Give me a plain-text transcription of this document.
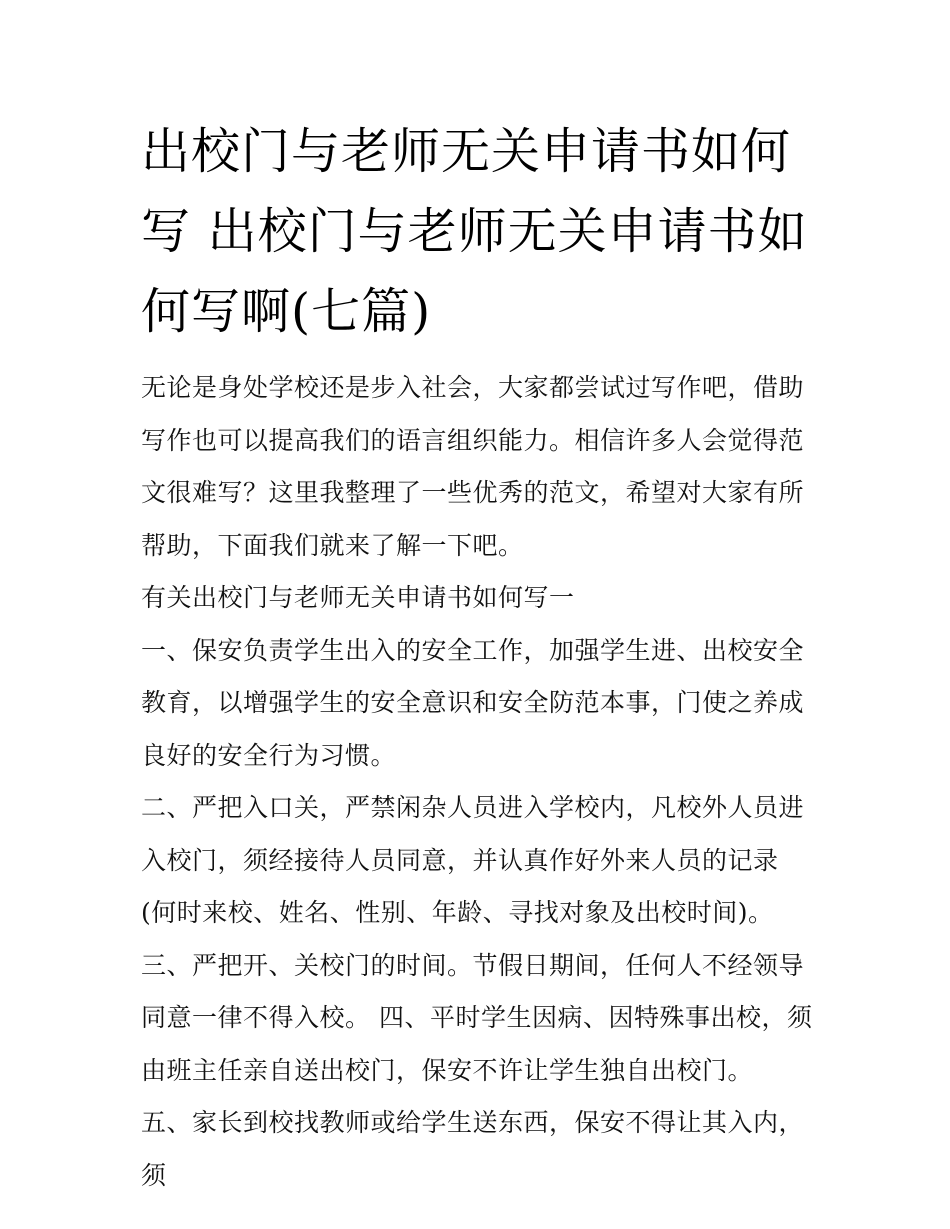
出校门与老师无关申请书如何写 出校门与老师无关申请书如何写啊(七篇)

无论是身处学校还是步入社会，大家都尝试过写作吧，借助写作也可以提高我们的语言组织能力。相信许多人会觉得范文很难写？这里我整理了一些优秀的范文，希望对大家有所帮助，下面我们就来了解一下吧。

有关出校门与老师无关申请书如何写一

一、保安负责学生出入的安全工作，加强学生进、出校安全教育，以增强学生的安全意识和安全防范本事，门使之养成良好的安全行为习惯。

二、严把入口关，严禁闲杂人员进入学校内，凡校外人员进入校门，须经接待人员同意，并认真作好外来人员的记录(何时来校、姓名、性别、年龄、寻找对象及出校时间)。

三、严把开、关校门的时间。节假日期间，任何人不经领导同意一律不得入校。 四、平时学生因病、因特殊事出校，须由班主任亲自送出校门，保安不许让学生独自出校门。

五、家长到校找教师或给学生送东西，保安不得让其入内，须
